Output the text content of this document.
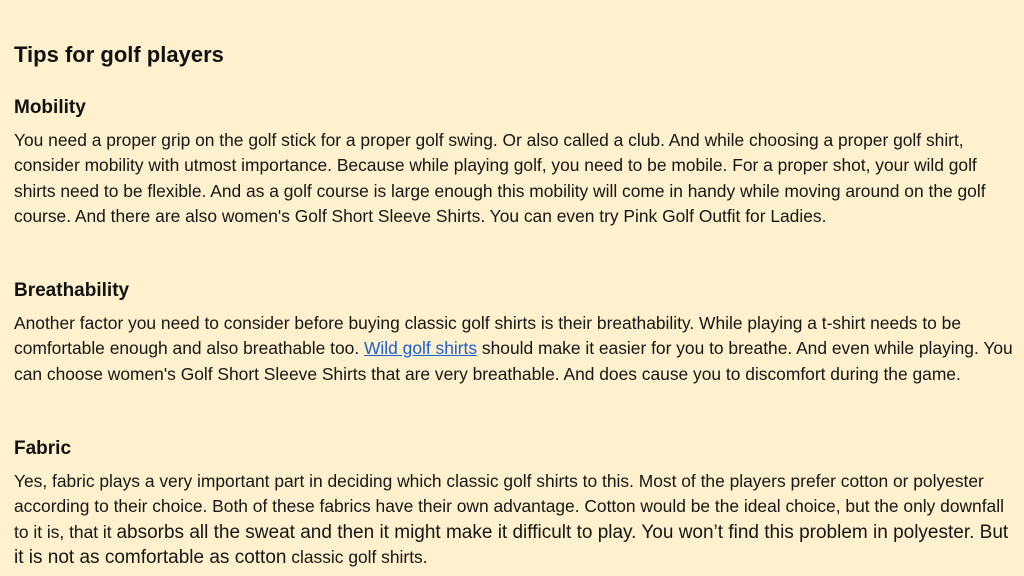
Tips for golf players
Mobility

You need a proper grip on the golf stick for a proper golf swing. Or also called a club. And while choosing a proper golf shirt, consider mobility with utmost importance. Because while playing golf, you need to be mobile. For a proper shot, your wild golf shirts need to be flexible. And as a golf course is large enough this mobility will come in handy while moving around on the golf course. And there are also women's Golf Short Sleeve Shirts. You can even try Pink Golf Outfit for Ladies.

Breathability

Another factor you need to consider before buying classic golf shirts is their breathability. While playing a t-shirt needs to be comfortable enough and also breathable too. Wild golf shirts should make it easier for you to breathe. And even while playing. You can choose women's Golf Short Sleeve Shirts that are very breathable. And does cause you to discomfort during the game.

Fabric

Yes, fabric plays a very important part in deciding which classic golf shirts to this. Most of the players prefer cotton or polyester according to their choice. Both of these fabrics have their own advantage. Cotton would be the ideal choice, but the only downfall to it is, that it absorbs all the sweat and then it might make it difficult to play. You won’t find this problem in polyester. But it is not as comfortable as cotton classic golf shirts.
